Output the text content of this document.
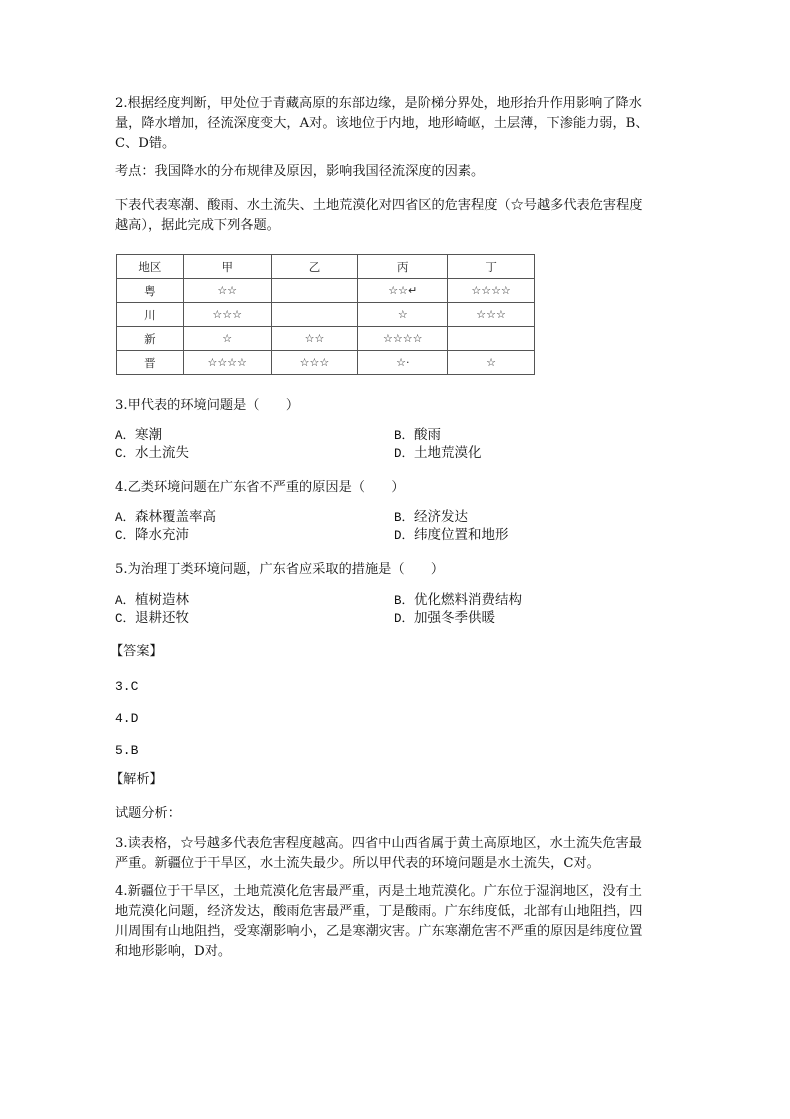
2.根据经度判断，甲处位于青藏高原的东部边缘，是阶梯分界处，地形抬升作用影响了降水
量，降水增加，径流深度变大，A对。该地位于内地，地形崎岖，土层薄，下渗能力弱，B、
C、D错。
考点：我国降水的分布规律及原因，影响我国径流深度的因素。
下表代表寒潮、酸雨、水土流失、土地荒漠化对四省区的危害程度（☆号越多代表危害程度
越高），据此完成下列各题。
地区	甲	乙	丙	丁
粤	☆☆		☆☆↵	☆☆☆☆
川	☆☆☆		☆	☆☆☆
新	☆	☆☆	☆☆☆☆	
晋	☆☆☆☆	☆☆☆	☆·	☆
3.甲代表的环境问题是（　　）
A．寒潮	B．酸雨
C．水土流失	D．土地荒漠化
4.乙类环境问题在广东省不严重的原因是（　　）
A．森林覆盖率高	B．经济发达
C．降水充沛	D．纬度位置和地形
5.为治理丁类环境问题，广东省应采取的措施是（　　）
A．植树造林	B．优化燃料消费结构
C．退耕还牧	D．加强冬季供暖
【答案】
3.C
4.D
5.B
【解析】
试题分析：
3.读表格，☆号越多代表危害程度越高。四省中山西省属于黄土高原地区，水土流失危害最
严重。新疆位于干旱区，水土流失最少。所以甲代表的环境问题是水土流失，C对。
4.新疆位于干旱区，土地荒漠化危害最严重，丙是土地荒漠化。广东位于湿润地区，没有土
地荒漠化问题，经济发达，酸雨危害最严重，丁是酸雨。广东纬度低，北部有山地阻挡，四
川周围有山地阻挡，受寒潮影响小，乙是寒潮灾害。广东寒潮危害不严重的原因是纬度位置
和地形影响，D对。
